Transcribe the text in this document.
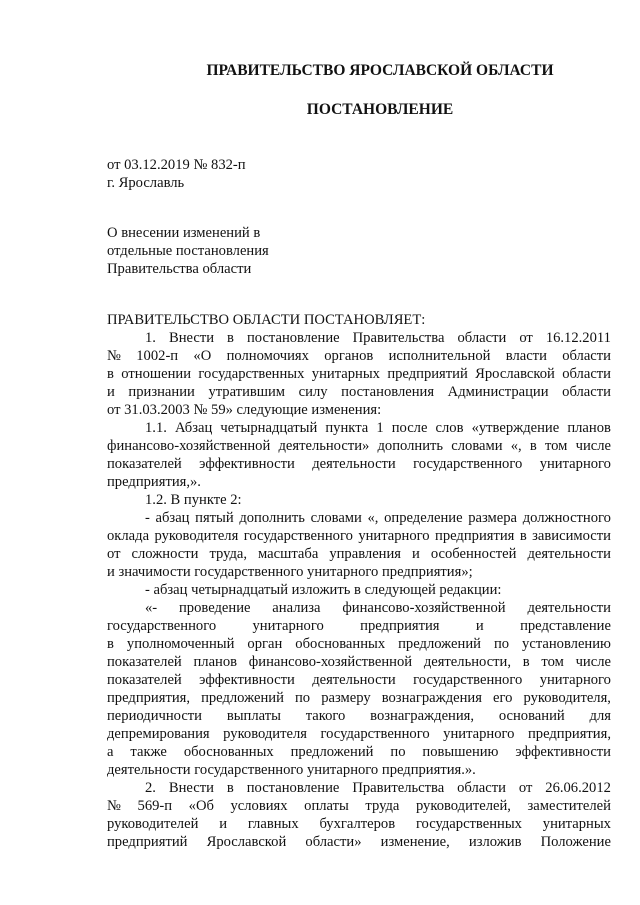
ПРАВИТЕЛЬСТВО ЯРОСЛАВСКОЙ ОБЛАСТИ
ПОСТАНОВЛЕНИЕ
от 03.12.2019 № 832-п
г. Ярославль
О внесении изменений в
отдельные постановления
Правительства области
ПРАВИТЕЛЬСТВО ОБЛАСТИ ПОСТАНОВЛЯЕТ:
1. Внести в постановление Правительства области от 16.12.2011
№ 1002-п «О полномочиях органов исполнительной власти области
в отношении государственных унитарных предприятий Ярославской области
и признании утратившим силу постановления Администрации области
от 31.03.2003 № 59» следующие изменения:
1.1. Абзац четырнадцатый пункта 1 после слов «утверждение планов
финансово-хозяйственной деятельности» дополнить словами «, в том числе
показателей эффективности деятельности государственного унитарного
предприятия,».
1.2. В пункте 2:
- абзац пятый дополнить словами «, определение размера должностного
оклада руководителя государственного унитарного предприятия в зависимости
от сложности труда, масштаба управления и особенностей деятельности
и значимости государственного унитарного предприятия»;
- абзац четырнадцатый изложить в следующей редакции:
«- проведение анализа финансово-хозяйственной деятельности
государственного унитарного предприятия и представление
в уполномоченный орган обоснованных предложений по установлению
показателей планов финансово-хозяйственной деятельности, в том числе
показателей эффективности деятельности государственного унитарного
предприятия, предложений по размеру вознаграждения его руководителя,
периодичности выплаты такого вознаграждения, оснований для
депремирования руководителя государственного унитарного предприятия,
а также обоснованных предложений по повышению эффективности
деятельности государственного унитарного предприятия.».
2. Внести в постановление Правительства области от 26.06.2012
№ 569-п «Об условиях оплаты труда руководителей, заместителей
руководителей и главных бухгалтеров государственных унитарных
предприятий Ярославской области» изменение, изложив Положение
